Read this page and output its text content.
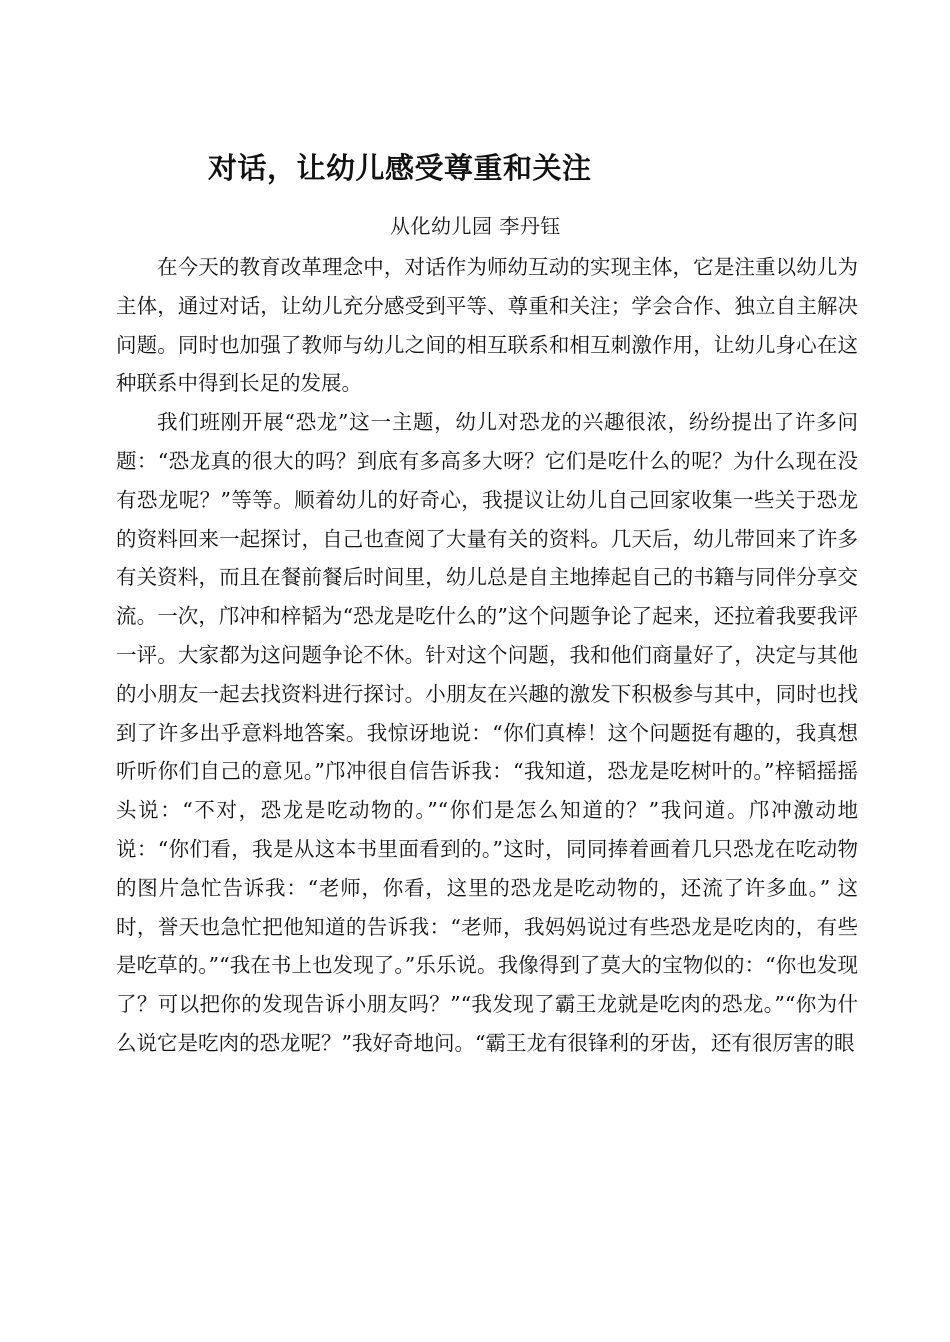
对话，让幼儿感受尊重和关注

从化幼儿园 李丹钰

在今天的教育改革理念中，对话作为师幼互动的实现主体，它是注重以幼儿为主体，通过对话，让幼儿充分感受到平等、尊重和关注；学会合作、独立自主解决问题。同时也加强了教师与幼儿之间的相互联系和相互刺激作用，让幼儿身心在这种联系中得到长足的发展。

我们班刚开展“恐龙”这一主题，幼儿对恐龙的兴趣很浓，纷纷提出了许多问题：“恐龙真的很大的吗？到底有多高多大呀？它们是吃什么的呢？为什么现在没有恐龙呢？”等等。顺着幼儿的好奇心，我提议让幼儿自己回家收集一些关于恐龙的资料回来一起探讨，自己也查阅了大量有关的资料。几天后，幼儿带回来了许多有关资料，而且在餐前餐后时间里，幼儿总是自主地捧起自己的书籍与同伴分享交流。一次，邝冲和梓韬为“恐龙是吃什么的”这个问题争论了起来，还拉着我要我评一评。大家都为这问题争论不休。针对这个问题，我和他们商量好了，决定与其他的小朋友一起去找资料进行探讨。小朋友在兴趣的激发下积极参与其中，同时也找到了许多出乎意料地答案。我惊讶地说：“你们真棒！这个问题挺有趣的，我真想听听你们自己的意见。”邝冲很自信告诉我：“我知道，恐龙是吃树叶的。”梓韬摇摇头说：“不对，恐龙是吃动物的。”“你们是怎么知道的？”我问道。邝冲激动地说：“你们看，我是从这本书里面看到的。”这时，同同捧着画着几只恐龙在吃动物的图片急忙告诉我：“老师，你看，这里的恐龙是吃动物的，还流了许多血。” 这时，誉天也急忙把他知道的告诉我：“老师，我妈妈说过有些恐龙是吃肉的，有些是吃草的。”“我在书上也发现了。”乐乐说。我像得到了莫大的宝物似的：“你也发现了？可以把你的发现告诉小朋友吗？”“我发现了霸王龙就是吃肉的恐龙。”“你为什么说它是吃肉的恐龙呢？”我好奇地问。“霸王龙有很锋利的牙齿，还有很厉害的眼
